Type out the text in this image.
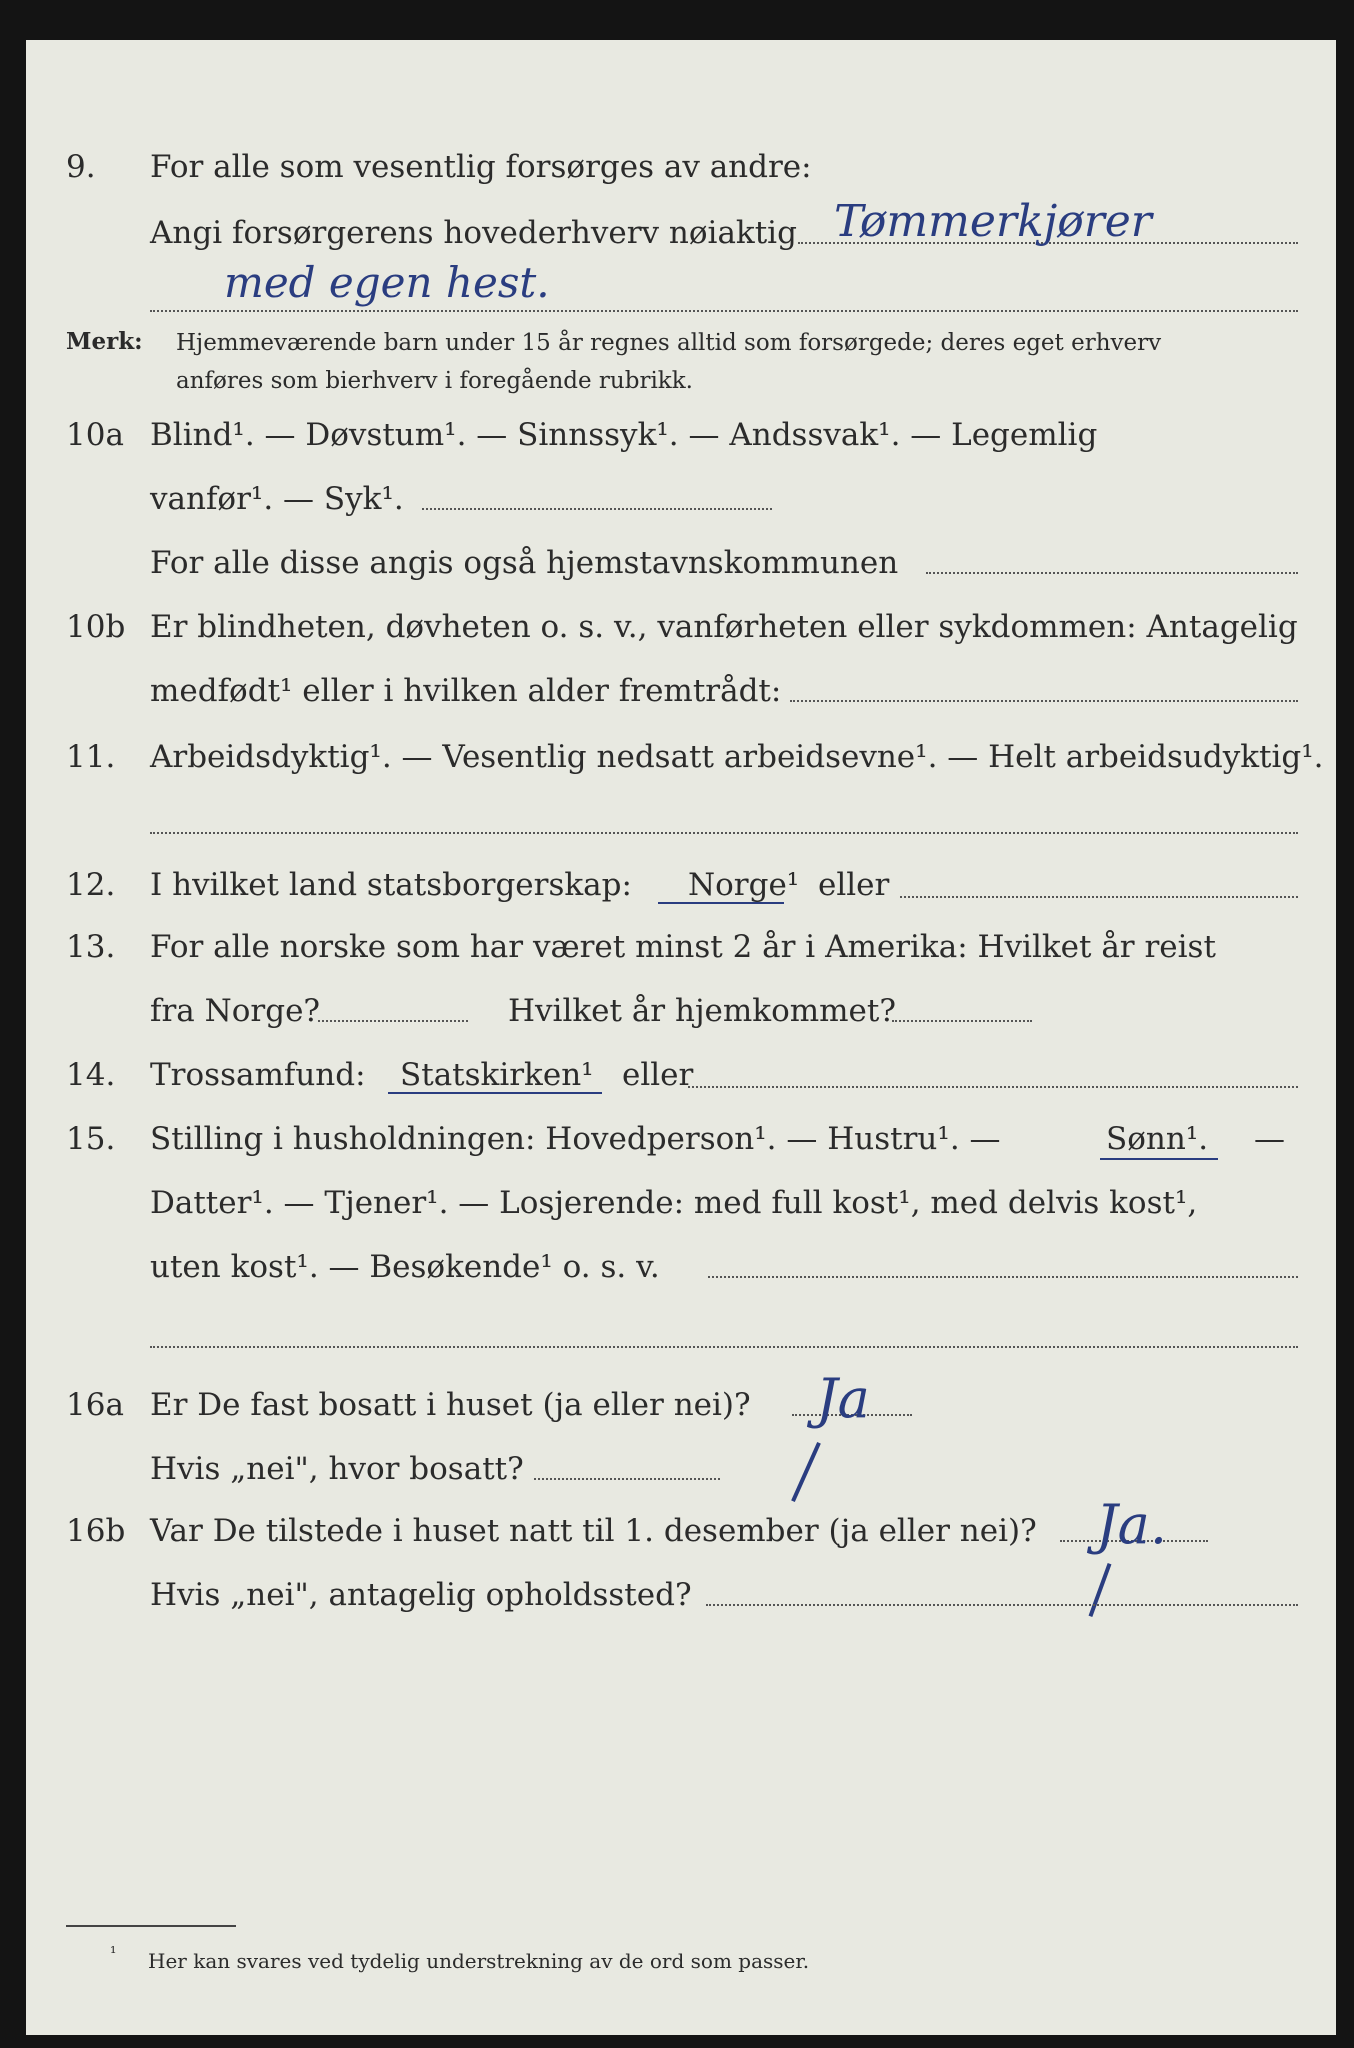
9. For alle som vesentlig forsørges av andre:
Angi forsørgerens hovederhverv nøiaktig Tømmerkjører
med egen hest.
Merk: Hjemmeværende barn under 15 år regnes alltid som forsørgede; deres eget erhverv
anføres som bierhverv i foregående rubrikk.
10a Blind¹. — Døvstum¹. — Sinnssyk¹. — Andssvak¹. — Legemlig
vanfør¹. — Syk¹.
For alle disse angis også hjemstavnskommunen
10b Er blindheten, døvheten o. s. v., vanførheten eller sykdommen: Antagelig
medfødt¹ eller i hvilken alder fremtrådt:
11. Arbeidsdyktig¹. — Vesentlig nedsatt arbeidsevne¹. — Helt arbeidsudyktig¹.
12. I hvilket land statsborgerskap: Norge¹ eller
13. For alle norske som har været minst 2 år i Amerika: Hvilket år reist
fra Norge?	Hvilket år hjemkommet?
14. Trossamfund: Statskirken¹ eller
15. Stilling i husholdningen: Hovedperson¹. — Hustru¹. —	Sønn¹. —
Datter¹. — Tjener¹. — Losjerende: med full kost¹, med delvis kost¹,
uten kost¹. — Besøkende¹ o. s. v.
16a Er De fast bosatt i huset (ja eller nei)? Ja
Hvis „nei", hvor bosatt?
16b Var De tilstede i huset natt til 1. desember (ja eller nei)? Ja.
Hvis „nei", antagelig opholdssted?
¹ Her kan svares ved tydelig understrekning av de ord som passer.
